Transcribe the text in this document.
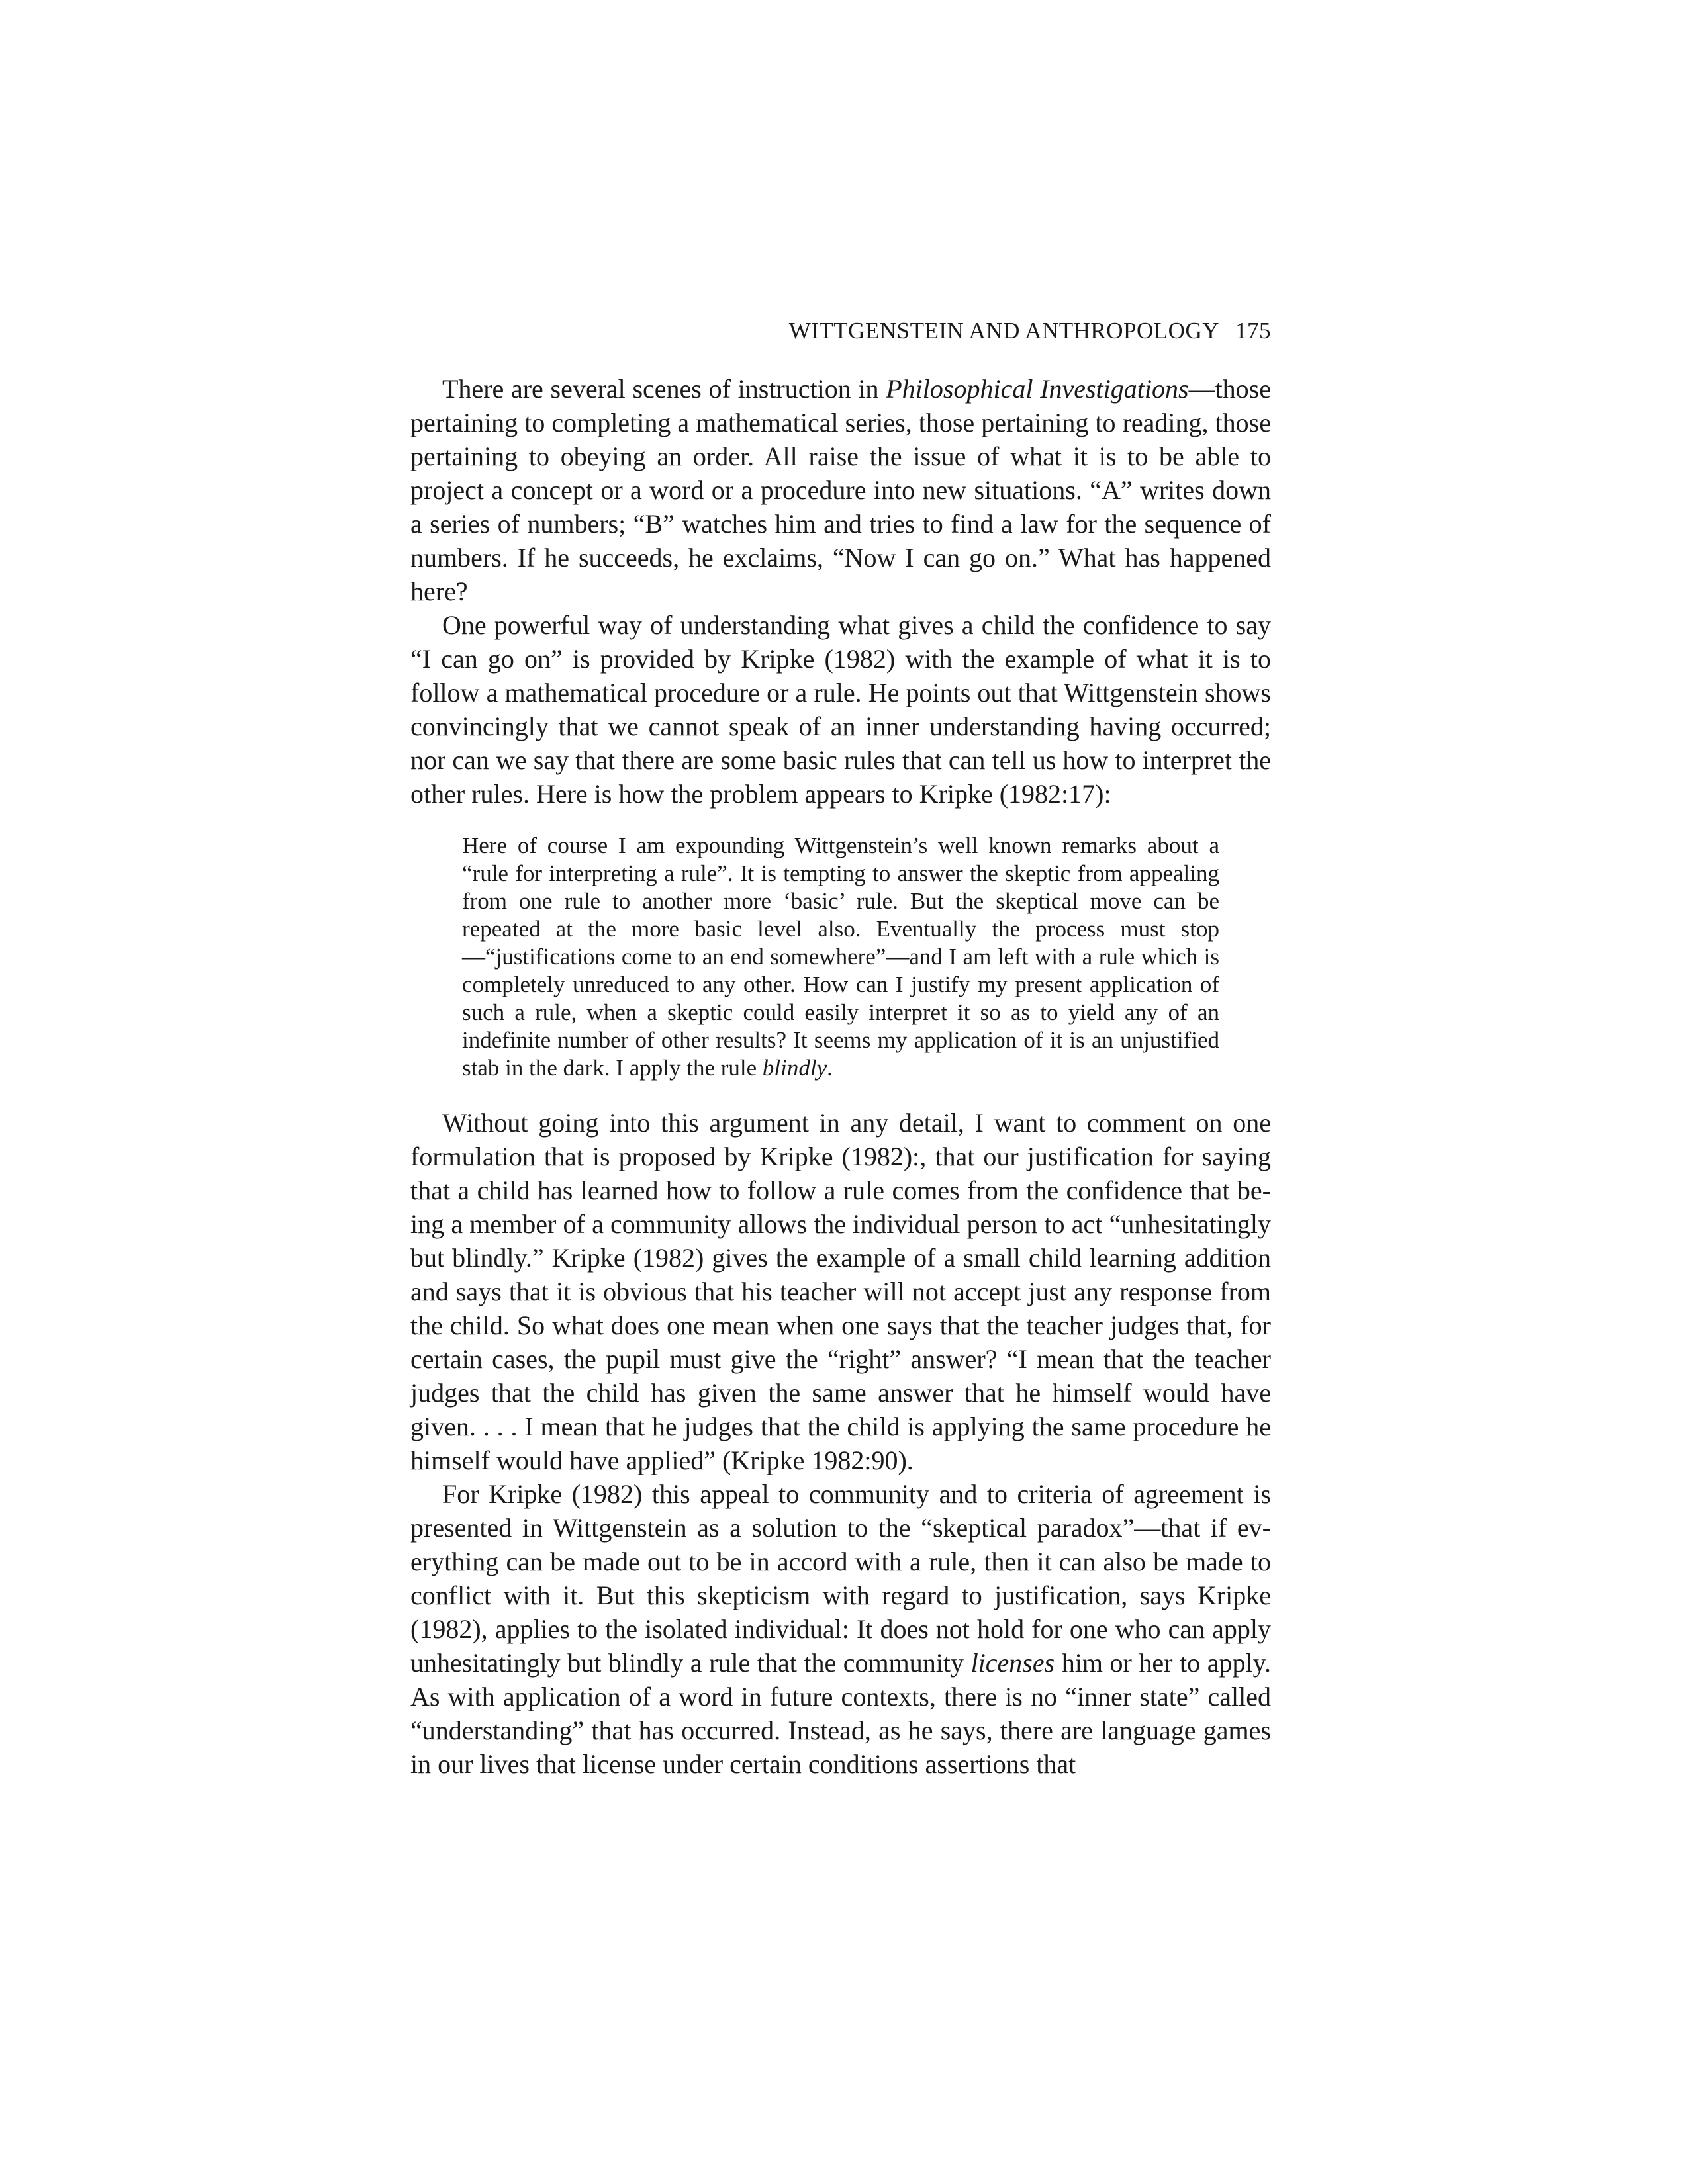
WITTGENSTEIN AND ANTHROPOLOGY 175

There are several scenes of instruction in Philosophical Investigations—those pertaining to completing a mathematical series, those pertaining to reading, those pertaining to obeying an order. All raise the issue of what it is to be able to project a concept or a word or a procedure into new situations. “A” writes down a series of numbers; “B” watches him and tries to find a law for the sequence of numbers. If he succeeds, he exclaims, “Now I can go on.” What has happened here?

One powerful way of understanding what gives a child the confidence to say “I can go on” is provided by Kripke (1982) with the example of what it is to follow a mathematical procedure or a rule. He points out that Wittgenstein shows convincingly that we cannot speak of an inner understanding having occurred; nor can we say that there are some basic rules that can tell us how to interpret the other rules. Here is how the problem appears to Kripke (1982:17):

Here of course I am expounding Wittgenstein’s well known remarks about a “rule for interpreting a rule”. It is tempting to answer the skeptic from appealing from one rule to another more ‘basic’ rule. But the skeptical move can be repeated at the more basic level also. Eventually the process must stop—“justifications come to an end somewhere”—and I am left with a rule which is completely unreduced to any other. How can I justify my present application of such a rule, when a skeptic could easily interpret it so as to yield any of an indefinite number of other results? It seems my application of it is an unjustified stab in the dark. I apply the rule blindly.

Without going into this argument in any detail, I want to comment on one formulation that is proposed by Kripke (1982):, that our justification for saying that a child has learned how to follow a rule comes from the confidence that being a member of a community allows the individual person to act “unhesitatingly but blindly.” Kripke (1982) gives the example of a small child learning addition and says that it is obvious that his teacher will not accept just any response from the child. So what does one mean when one says that the teacher judges that, for certain cases, the pupil must give the “right” answer? “I mean that the teacher judges that the child has given the same answer that he himself would have given. . . . I mean that he judges that the child is applying the same procedure he himself would have applied” (Kripke 1982:90).

For Kripke (1982) this appeal to community and to criteria of agreement is presented in Wittgenstein as a solution to the “skeptical paradox”—that if everything can be made out to be in accord with a rule, then it can also be made to conflict with it. But this skepticism with regard to justification, says Kripke (1982), applies to the isolated individual: It does not hold for one who can apply unhesitatingly but blindly a rule that the community licenses him or her to apply. As with application of a word in future contexts, there is no “inner state” called “understanding” that has occurred. Instead, as he says, there are language games in our lives that license under certain conditions assertions that
